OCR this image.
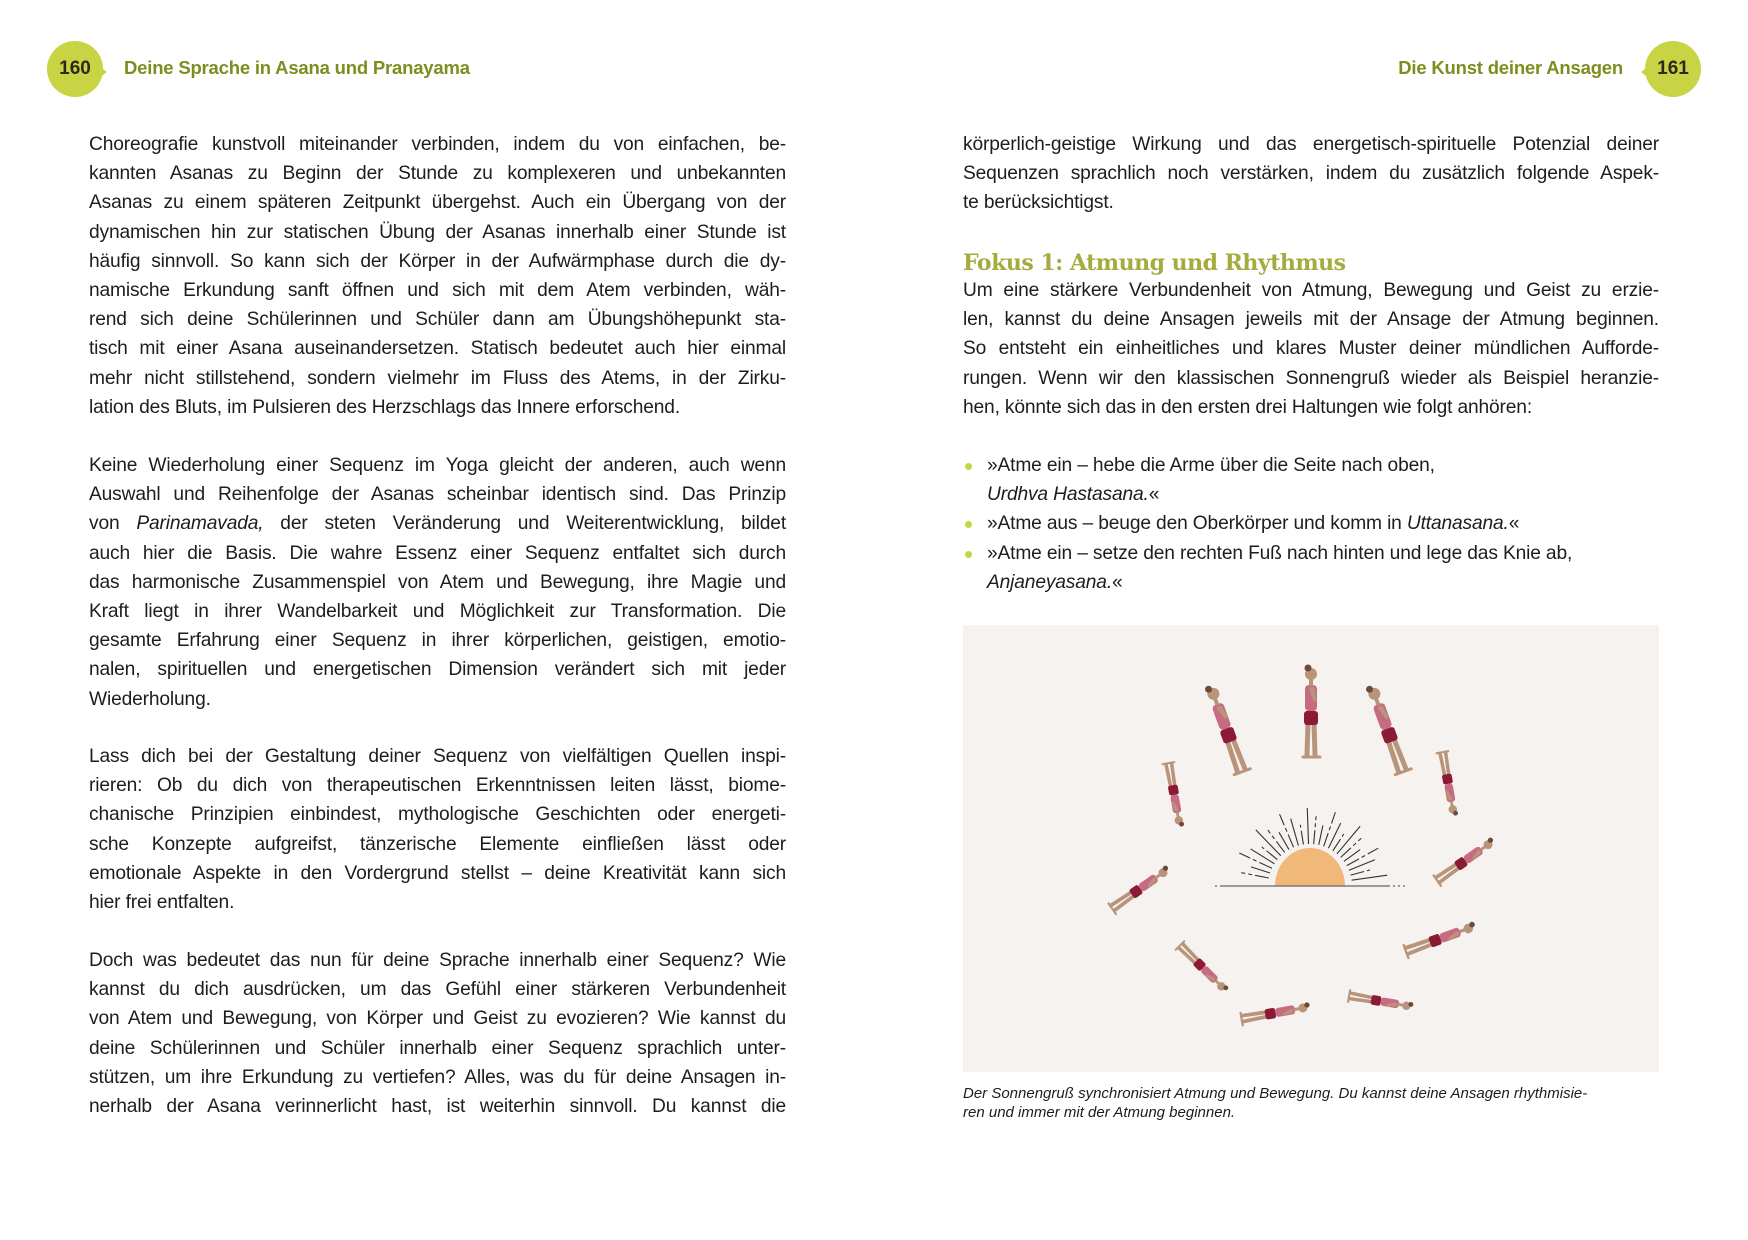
160 Deine Sprache in Asana und Pranayama	Die Kunst deiner Ansagen 161
Choreografie kunstvoll miteinander verbinden, indem du von einfachen, be-
kannten Asanas zu Beginn der Stunde zu komplexeren und unbekannten
Asanas zu einem späteren Zeitpunkt übergehst. Auch ein Übergang von der
dynamischen hin zur statischen Übung der Asanas innerhalb einer Stunde ist
häufig sinnvoll. So kann sich der Körper in der Aufwärmphase durch die dy-
namische Erkundung sanft öffnen und sich mit dem Atem verbinden, wäh-
rend sich deine Schülerinnen und Schüler dann am Übungshöhepunkt sta-
tisch mit einer Asana auseinandersetzen. Statisch bedeutet auch hier einmal
mehr nicht stillstehend, sondern vielmehr im Fluss des Atems, in der Zirku-
lation des Bluts, im Pulsieren des Herzschlags das Innere erforschend.
Keine Wiederholung einer Sequenz im Yoga gleicht der anderen, auch wenn
Auswahl und Reihenfolge der Asanas scheinbar identisch sind. Das Prinzip
von Parinamavada, der steten Veränderung und Weiterentwicklung, bildet
auch hier die Basis. Die wahre Essenz einer Sequenz entfaltet sich durch
das harmonische Zusammenspiel von Atem und Bewegung, ihre Magie und
Kraft liegt in ihrer Wandelbarkeit und Möglichkeit zur Transformation. Die
gesamte Erfahrung einer Sequenz in ihrer körperlichen, geistigen, emotio-
nalen, spirituellen und energetischen Dimension verändert sich mit jeder
Wiederholung.
Lass dich bei der Gestaltung deiner Sequenz von vielfältigen Quellen inspi-
rieren: Ob du dich von therapeutischen Erkenntnissen leiten lässt, biome-
chanische Prinzipien einbindest, mythologische Geschichten oder energeti-
sche Konzepte aufgreifst, tänzerische Elemente einfließen lässt oder
emotionale Aspekte in den Vordergrund stellst – deine Kreativität kann sich
hier frei entfalten.
Doch was bedeutet das nun für deine Sprache innerhalb einer Sequenz? Wie
kannst du dich ausdrücken, um das Gefühl einer stärkeren Verbundenheit
von Atem und Bewegung, von Körper und Geist zu evozieren? Wie kannst du
deine Schülerinnen und Schüler innerhalb einer Sequenz sprachlich unter-
stützen, um ihre Erkundung zu vertiefen? Alles, was du für deine Ansagen in-
nerhalb der Asana verinnerlicht hast, ist weiterhin sinnvoll. Du kannst die
körperlich-geistige Wirkung und das energetisch-spirituelle Potenzial deiner
Sequenzen sprachlich noch verstärken, indem du zusätzlich folgende Aspek-
te berücksichtigst.
Fokus 1: Atmung und Rhythmus
Um eine stärkere Verbundenheit von Atmung, Bewegung und Geist zu erzie-
len, kannst du deine Ansagen jeweils mit der Ansage der Atmung beginnen.
So entsteht ein einheitliches und klares Muster deiner mündlichen Aufforde-
rungen. Wenn wir den klassischen Sonnengruß wieder als Beispiel heranzie-
hen, könnte sich das in den ersten drei Haltungen wie folgt anhören:
»Atme ein – hebe die Arme über die Seite nach oben,
Urdhva Hastasana.«
»Atme aus – beuge den Oberkörper und komm in Uttanasana.«
»Atme ein – setze den rechten Fuß nach hinten und lege das Knie ab,
Anjaneyasana.«
Der Sonnengruß synchronisiert Atmung und Bewegung. Du kannst deine Ansagen rhythmisie-
ren und immer mit der Atmung beginnen.
